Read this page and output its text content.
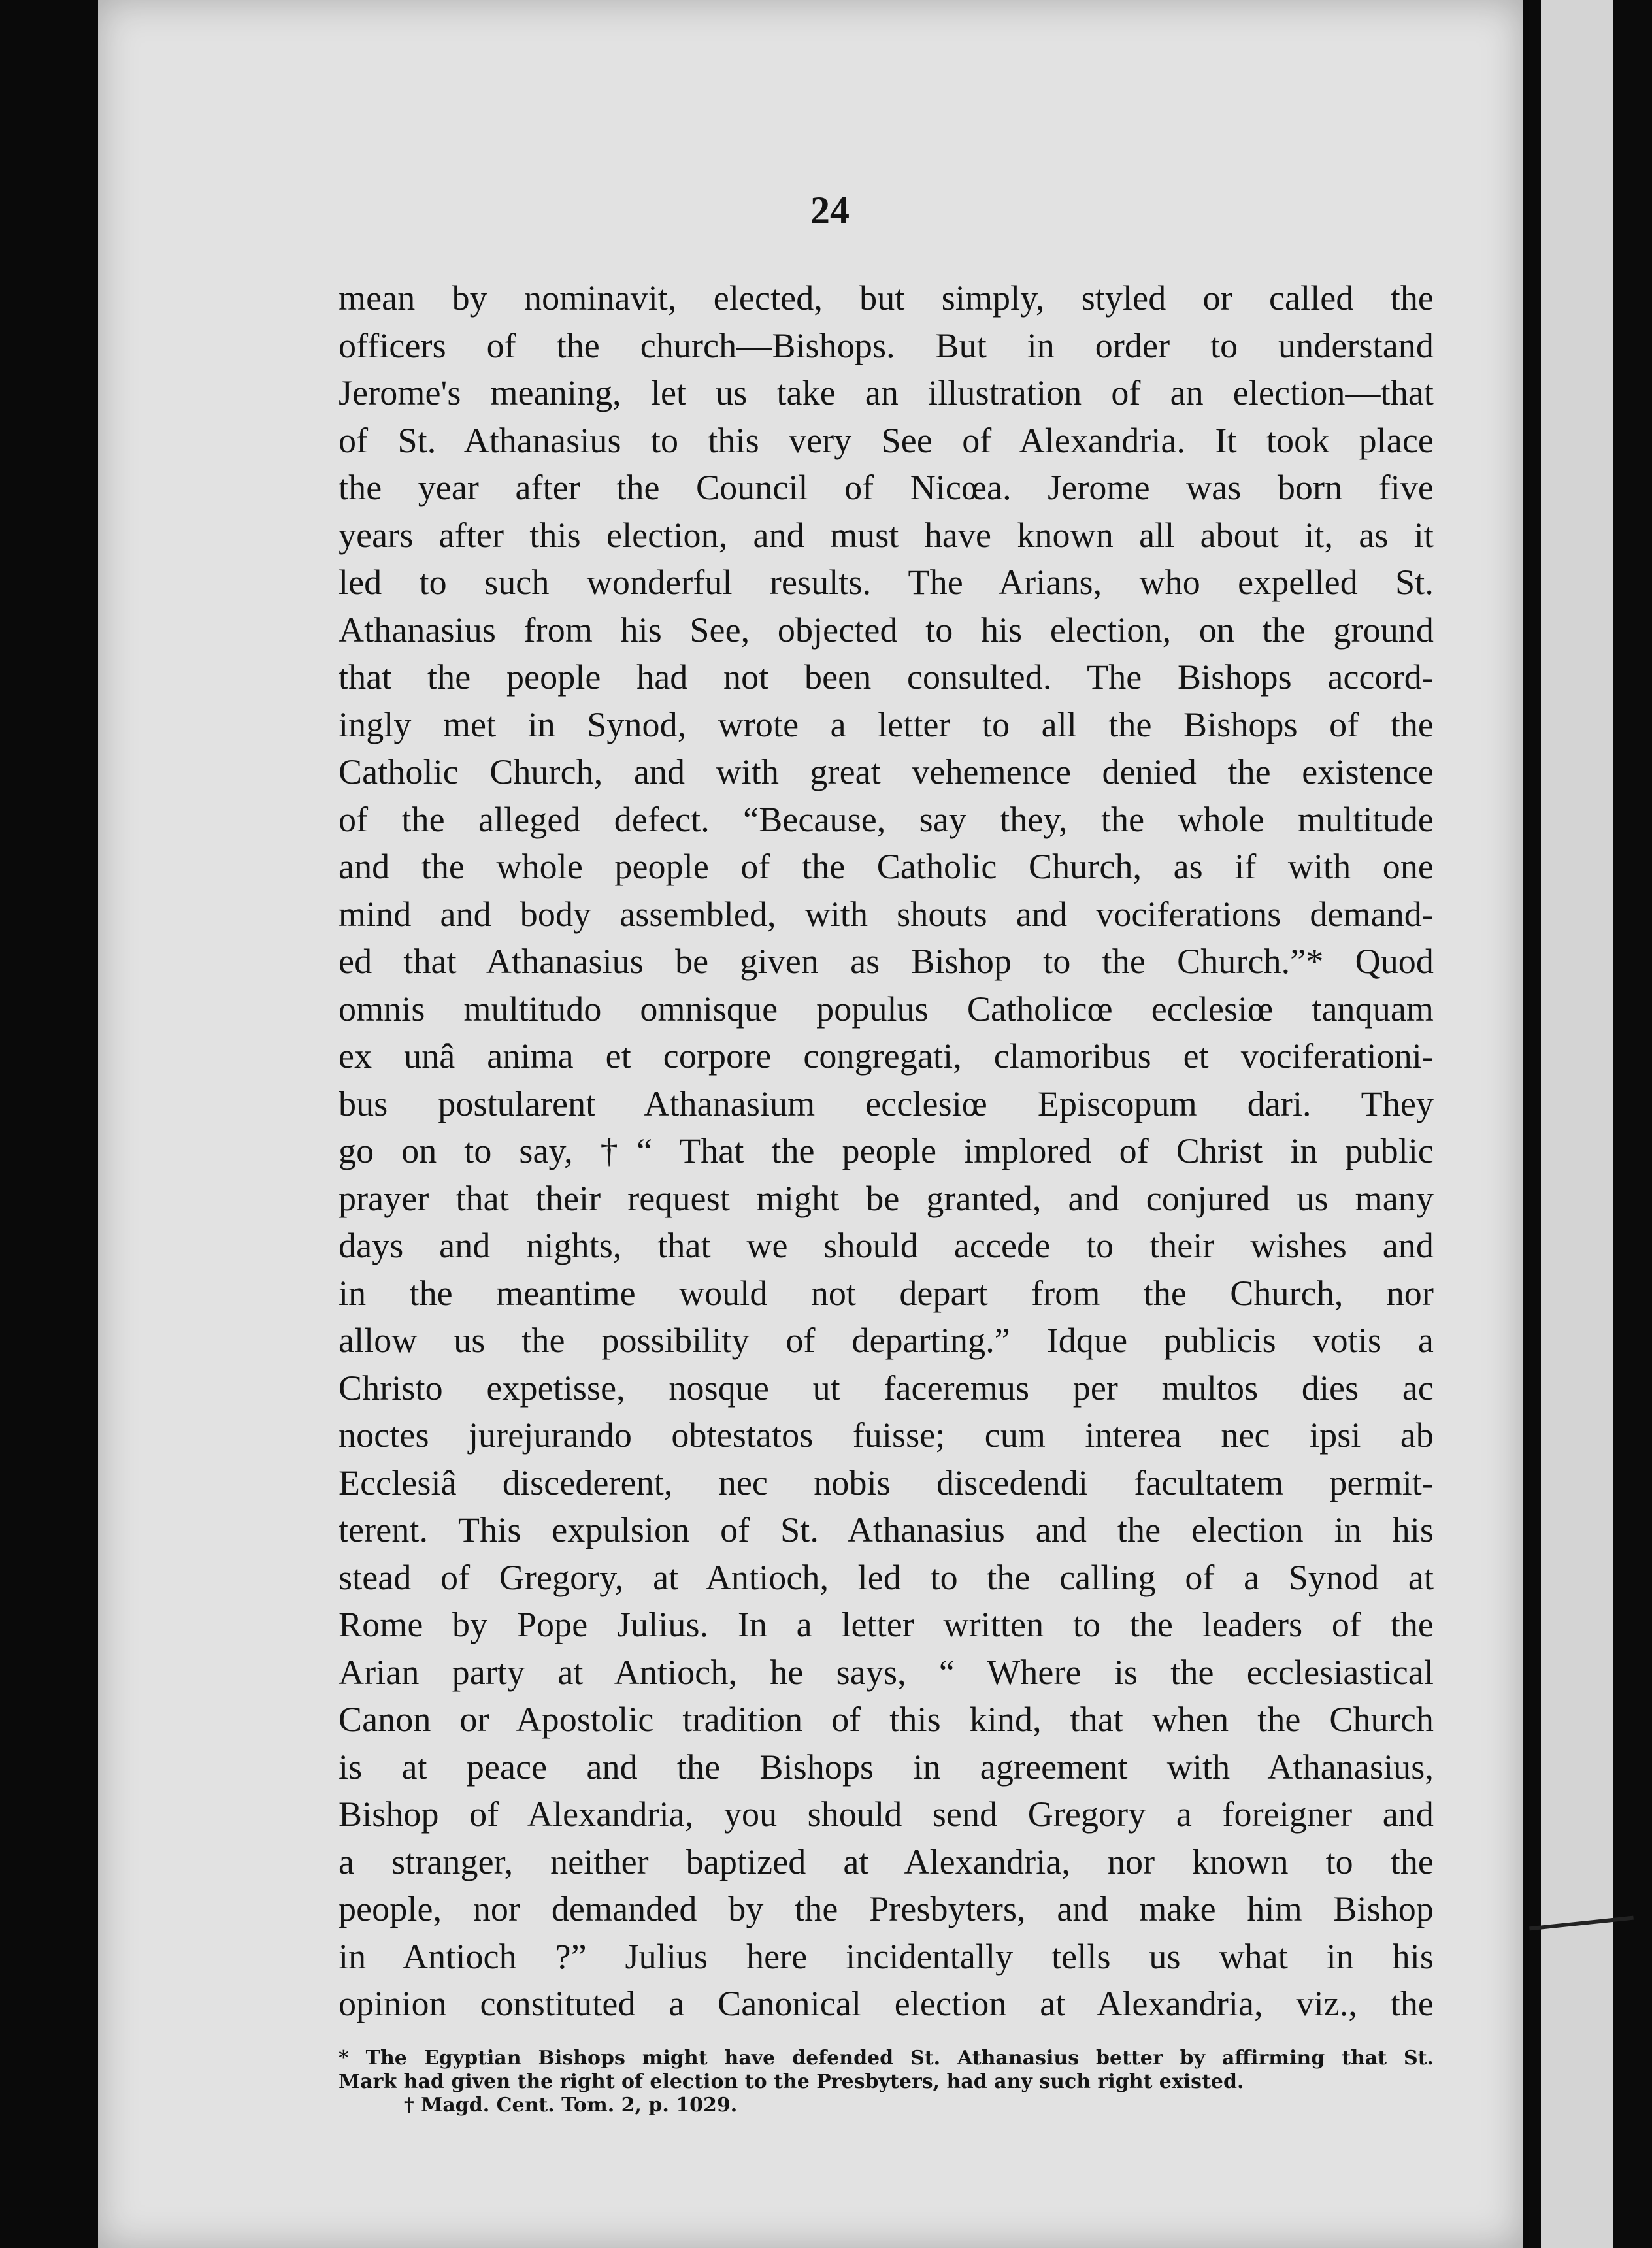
24
mean by nominavit, elected, but simply, styled or called the
officers of the church—Bishops. But in order to understand
Jerome's meaning, let us take an illustration of an election—that
of St. Athanasius to this very See of Alexandria. It took place
the year after the Council of Nicœa. Jerome was born five
years after this election, and must have known all about it, as it
led to such wonderful results. The Arians, who expelled St.
Athanasius from his See, objected to his election, on the ground
that the people had not been consulted. The Bishops accord-
ingly met in Synod, wrote a letter to all the Bishops of the
Catholic Church, and with great vehemence denied the existence
of the alleged defect. “Because, say they, the whole multitude
and the whole people of the Catholic Church, as if with one
mind and body assembled, with shouts and vociferations demand-
ed that Athanasius be given as Bishop to the Church.”* Quod
omnis multitudo omnisque populus Catholicœ ecclesiœ tanquam
ex unâ anima et corpore congregati, clamoribus et vociferationi-
bus postularent Athanasium ecclesiœ Episcopum dari. They
go on to say, †“ That the people implored of Christ in public
prayer that their request might be granted, and conjured us many
days and nights, that we should accede to their wishes and
in the meantime would not depart from the Church, nor
allow us the possibility of departing.” Idque publicis votis a
Christo expetisse, nosque ut faceremus per multos dies ac
noctes jurejurando obtestatos fuisse; cum interea nec ipsi ab
Ecclesiâ discederent, nec nobis discedendi facultatem permit-
terent. This expulsion of St. Athanasius and the election in his
stead of Gregory, at Antioch, led to the calling of a Synod at
Rome by Pope Julius. In a letter written to the leaders of the
Arian party at Antioch, he says, “ Where is the ecclesiastical
Canon or Apostolic tradition of this kind, that when the Church
is at peace and the Bishops in agreement with Athanasius,
Bishop of Alexandria, you should send Gregory a foreigner and
a stranger, neither baptized at Alexandria, nor known to the
people, nor demanded by the Presbyters, and make him Bishop
in Antioch ?” Julius here incidentally tells us what in his
opinion constituted a Canonical election at Alexandria, viz., the
* The Egyptian Bishops might have defended St. Athanasius better by affirming that St.
Mark had given the right of election to the Presbyters, had any such right existed.
† Magd. Cent. Tom. 2, p. 1029.
